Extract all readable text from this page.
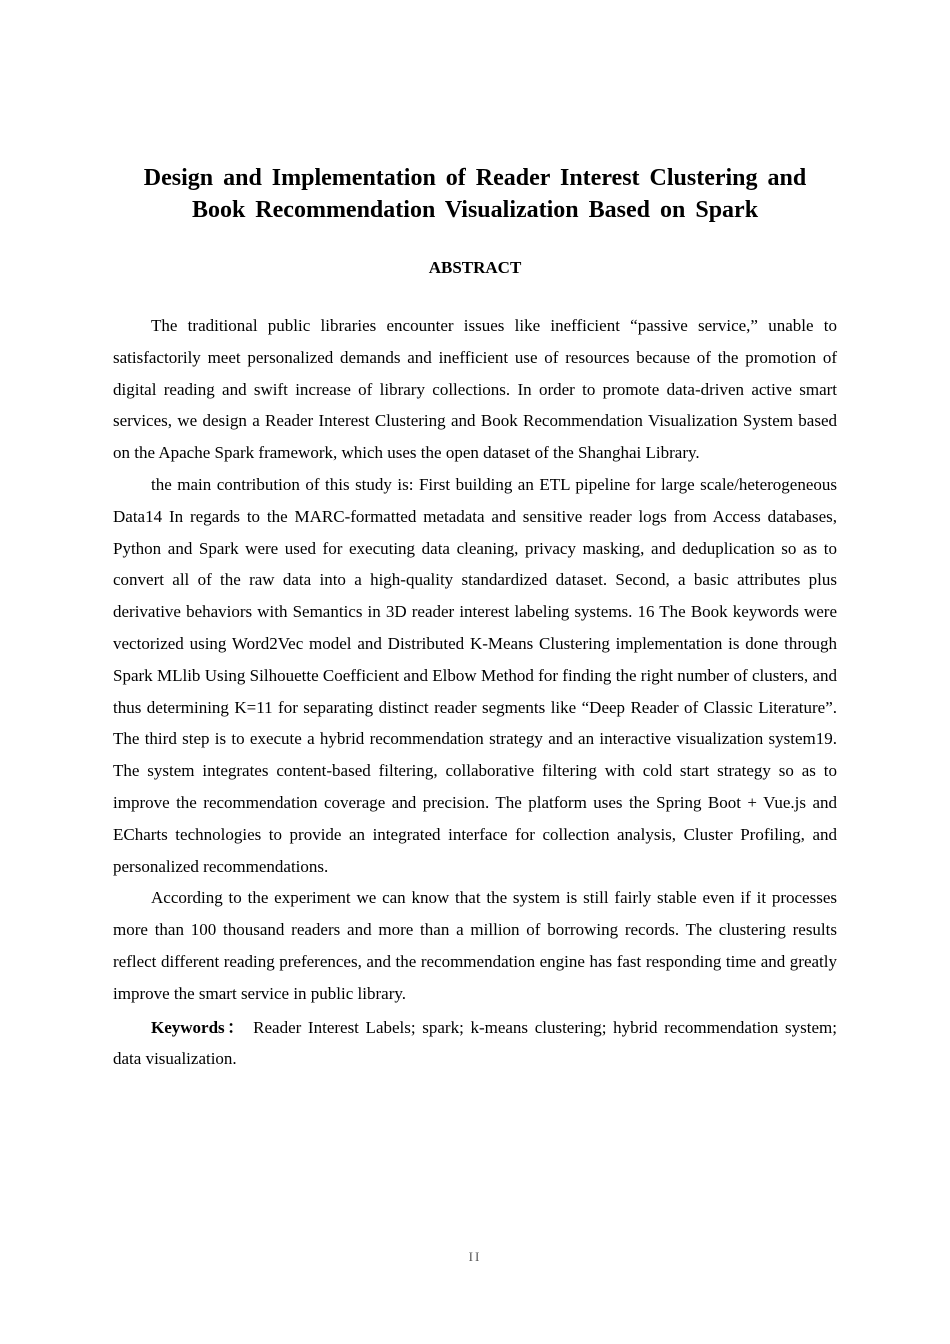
Design and Implementation of Reader Interest Clustering and Book Recommendation Visualization Based on Spark
ABSTRACT

The traditional public libraries encounter issues like inefficient “passive service,” unable to satisfactorily meet personalized demands and inefficient use of resources because of the promotion of digital reading and swift increase of library collections. In order to promote data-driven active smart services, we design a Reader Interest Clustering and Book Recommendation Visualization System based on the Apache Spark framework, which uses the open dataset of the Shanghai Library.

the main contribution of this study is: First building an ETL pipeline for large scale/heterogeneous Data14 In regards to the MARC-formatted metadata and sensitive reader logs from Access databases, Python and Spark were used for executing data cleaning, privacy masking, and deduplication so as to convert all of the raw data into a high-quality standardized dataset. Second, a basic attributes plus derivative behaviors with Semantics in 3D reader interest labeling systems. 16 The Book keywords were vectorized using Word2Vec model and Distributed K-Means Clustering implementation is done through Spark MLlib Using Silhouette Coefficient and Elbow Method for finding the right number of clusters, and thus determining K=11 for separating distinct reader segments like “Deep Reader of Classic Literature”. The third step is to execute a hybrid recommendation strategy and an interactive visualization system19. The system integrates content-based filtering, collaborative filtering with cold start strategy so as to improve the recommendation coverage and precision. The platform uses the Spring Boot + Vue.js and ECharts technologies to provide an integrated interface for collection analysis, Cluster Profiling, and personalized recommendations.

According to the experiment we can know that the system is still fairly stable even if it processes more than 100 thousand readers and more than a million of borrowing records. The clustering results reflect different reading preferences, and the recommendation engine has fast responding time and greatly improve the smart service in public library.

Keywords： Reader Interest Labels; spark; k-means clustering; hybrid recommendation system; data visualization.

II
